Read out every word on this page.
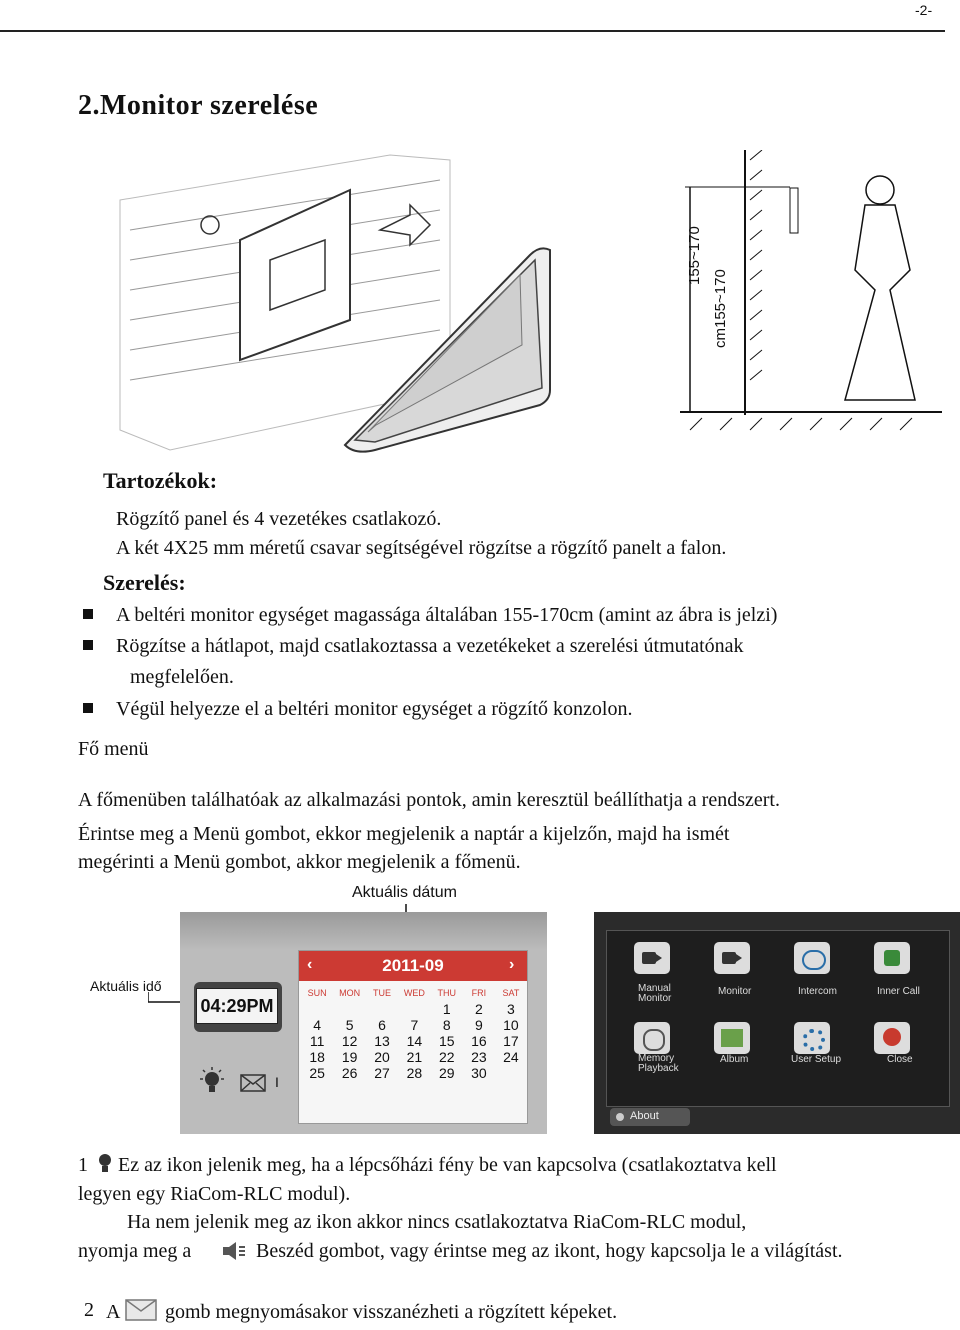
-2-
2.Monitor szerelése
155~170
cm155~170
Tartozékok:
Rögzítő panel és 4 vezetékes csatlakozó.
A két 4X25 mm méretű csavar segítségével rögzítse a rögzítő panelt a falon.
Szerelés:
A beltéri monitor egységet magassága általában 155-170cm (amint az ábra is jelzi)
Rögzítse a hátlapot, majd csatlakoztassa a vezetékeket a szerelési útmutatónak
megfelelően.
Végül helyezze el a beltéri monitor egységet a rögzítő konzolon.
Fő menü
A főmenüben találhatóak az alkalmazási pontok, amin keresztül beállíthatja a rendszert.
Érintse meg a Menü gombot, ekkor megjelenik a naptár a kijelzőn, majd ha ismét
megérinti a Menü gombot, akkor megjelenik a főmenü.
Aktuális dátum
Aktuális idő
04:29PM
I
‹	›
2011-09
SUN	MON	TUE	WED	THU	FRI	SAT
				1	2	3
4	5	6	7	8	9	10
11	12	13	14	15	16	17
18	19	20	21	22	23	24
25	26	27	28	29	30	
Manual Monitor
Monitor	Intercom	Inner Call
Memory Playback
Album	User Setup	Close
About
1 Ez az ikon jelenik meg, ha a lépcsőházi fény be van kapcsolva (csatlakoztatva kell
legyen egy RiaCom-RLC modul).
Ha nem jelenik meg az ikon akkor nincs csatlakoztatva RiaCom-RLC modul,
nyomja meg a	Beszéd gombot, vagy érintse meg az ikont, hogy kapcsolja le a világítást.
2 A gomb megnyomásakor visszanézheti a rögzített képeket.
